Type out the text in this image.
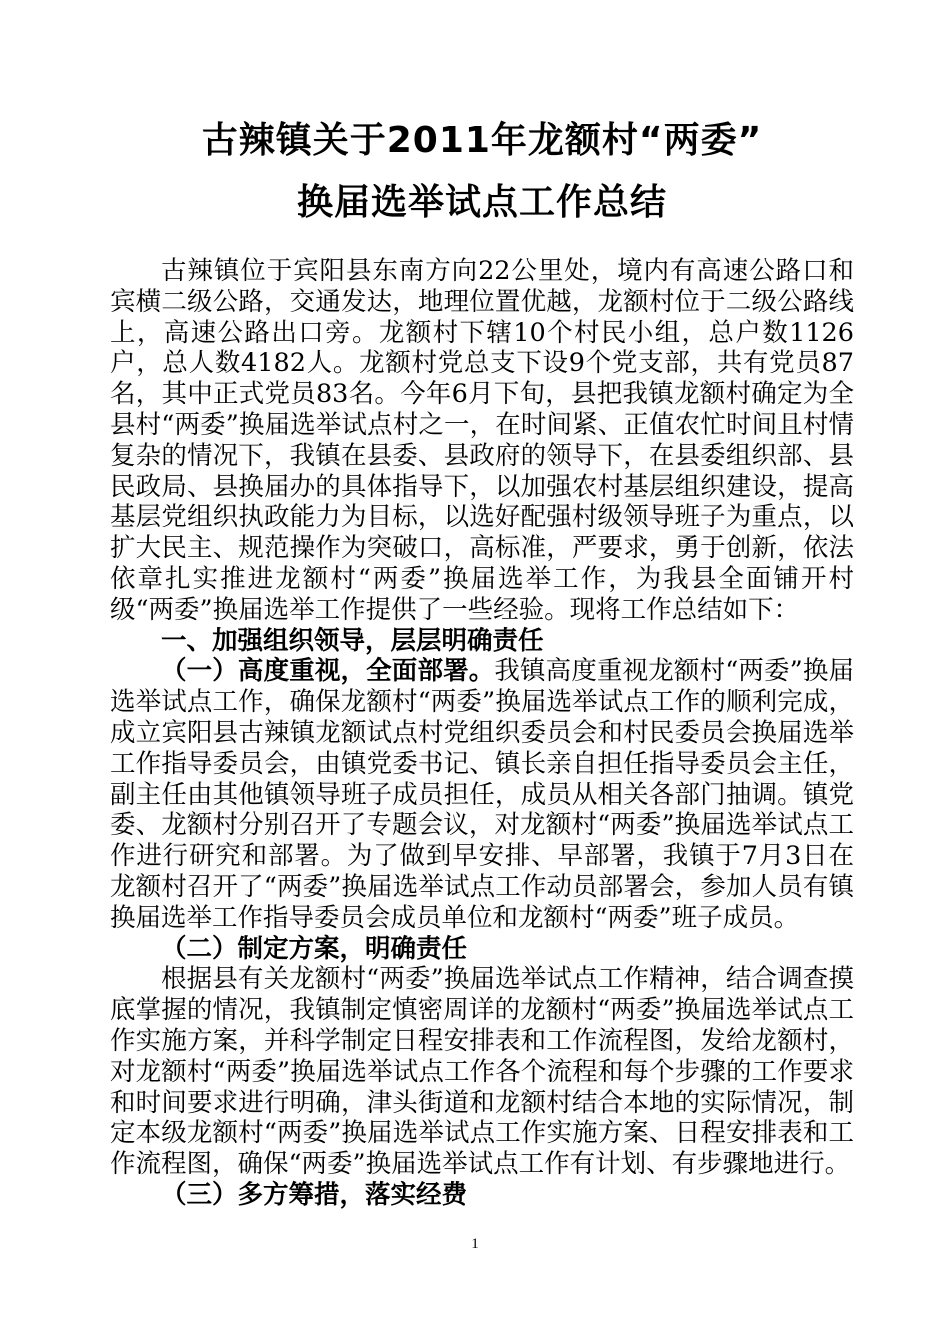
古辣镇关于2011年龙额村“两委”
换届选举试点工作总结

古辣镇位于宾阳县东南方向22公里处，境内有高速公路口和宾横二级公路，交通发达，地理位置优越，龙额村位于二级公路线上，高速公路出口旁。龙额村下辖10个村民小组，总户数1126户，总人数4182人。龙额村党总支下设9个党支部，共有党员87名，其中正式党员83名。今年6月下旬，县把我镇龙额村确定为全县村“两委”换届选举试点村之一，在时间紧、正值农忙时间且村情复杂的情况下，我镇在县委、县政府的领导下，在县委组织部、县民政局、县换届办的具体指导下，以加强农村基层组织建设，提高基层党组织执政能力为目标，以选好配强村级领导班子为重点，以扩大民主、规范操作为突破口，高标准，严要求，勇于创新，依法依章扎实推进龙额村“两委”换届选举工作，为我县全面铺开村级“两委”换届选举工作提供了一些经验。现将工作总结如下：

一、加强组织领导，层层明确责任

（一）高度重视，全面部署。我镇高度重视龙额村“两委”换届选举试点工作，确保龙额村“两委”换届选举试点工作的顺利完成，成立宾阳县古辣镇龙额试点村党组织委员会和村民委员会换届选举工作指导委员会，由镇党委书记、镇长亲自担任指导委员会主任，副主任由其他镇领导班子成员担任，成员从相关各部门抽调。镇党委、龙额村分别召开了专题会议，对龙额村“两委”换届选举试点工作进行研究和部署。为了做到早安排、早部署，我镇于7月3日在龙额村召开了“两委”换届选举试点工作动员部署会，参加人员有镇换届选举工作指导委员会成员单位和龙额村“两委”班子成员。

（二）制定方案，明确责任

根据县有关龙额村“两委”换届选举试点工作精神，结合调查摸底掌握的情况，我镇制定慎密周详的龙额村“两委”换届选举试点工作实施方案，并科学制定日程安排表和工作流程图，发给龙额村，对龙额村“两委”换届选举试点工作各个流程和每个步骤的工作要求和时间要求进行明确，津头街道和龙额村结合本地的实际情况，制定本级龙额村“两委”换届选举试点工作实施方案、日程安排表和工作流程图，确保“两委”换届选举试点工作有计划、有步骤地进行。

（三）多方筹措，落实经费
1
